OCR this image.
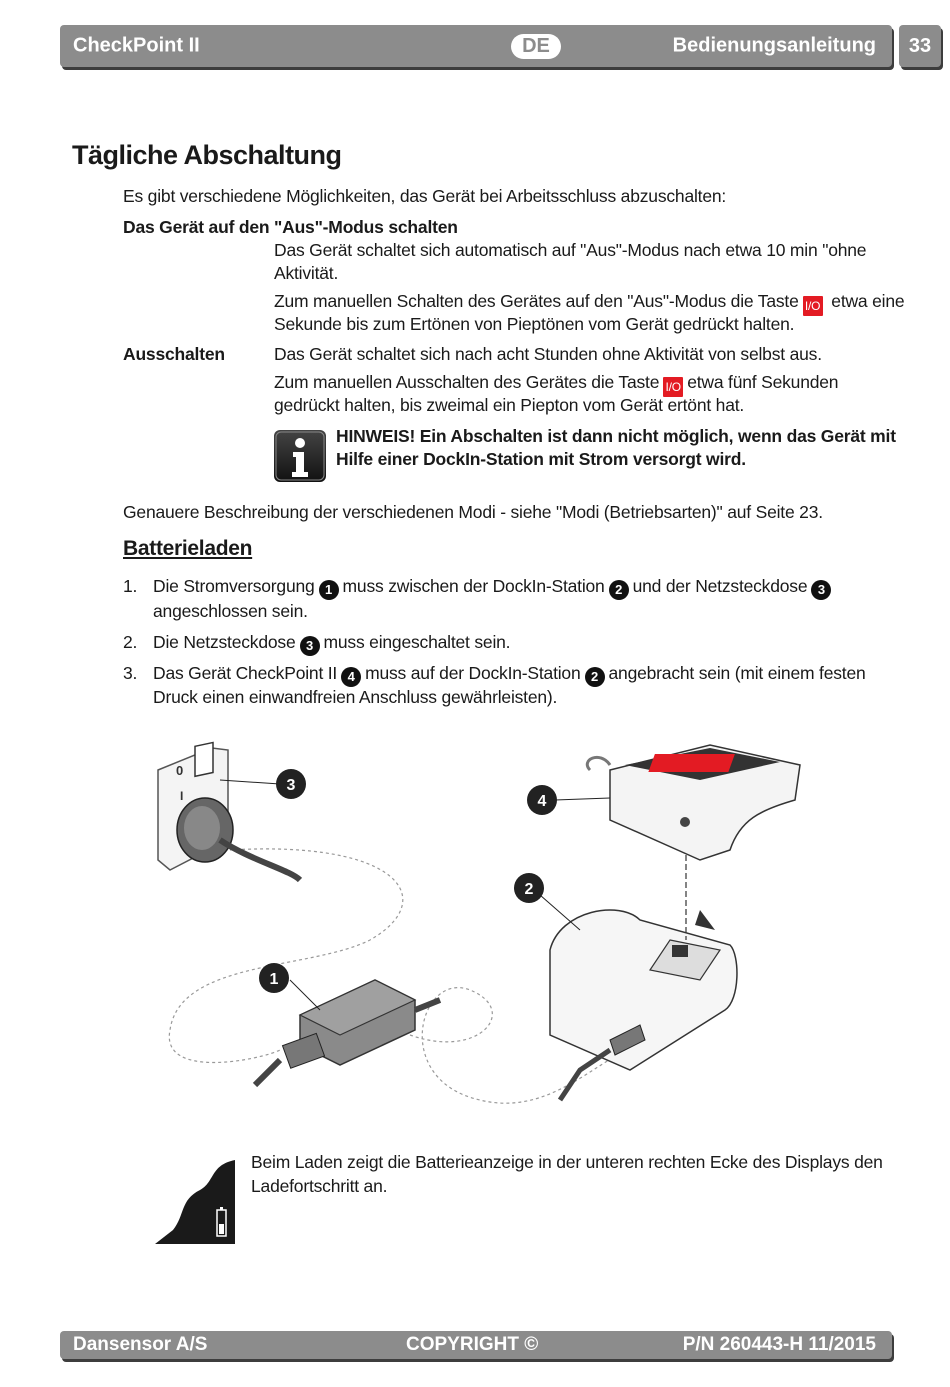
CheckPoint II	DE	Bedienungsanleitung	33
Tägliche Abschaltung
Es gibt verschiedene Möglichkeiten, das Gerät bei Arbeitsschluss abzuschalten:
Das Gerät auf den "Aus"-Modus schalten
Das Gerät schaltet sich automatisch auf "Aus"-Modus nach etwa 10 min "ohne
Aktivität.
Zum manuellen Schalten des Gerätes auf den "Aus"-Modus die Taste I/O etwa eine
Sekunde bis zum Ertönen von Pieptönen vom Gerät gedrückt halten.
Ausschalten	Das Gerät schaltet sich nach acht Stunden ohne Aktivität von selbst aus.
Zum manuellen Ausschalten des Gerätes die Taste I/O etwa fünf Sekunden
gedrückt halten, bis zweimal ein Piepton vom Gerät ertönt hat.
HINWEIS! Ein Abschalten ist dann nicht möglich, wenn das Gerät mit
Hilfe einer DockIn-Station mit Strom versorgt wird.
Genauere Beschreibung der verschiedenen Modi - siehe "Modi (Betriebsarten)" auf Seite 23.
Batterieladen
1. Die Stromversorgung 1 muss zwischen der DockIn-Station 2 und der Netzsteckdose 3
angeschlossen sein.
2. Die Netzsteckdose 3 muss eingeschaltet sein.
3. Das Gerät CheckPoint II 4 muss auf der DockIn-Station 2 angebracht sein (mit einem festen
Druck einen einwandfreien Anschluss gewährleisten).
0
I
3
1
2
4
Beim Laden zeigt die Batterieanzeige in der unteren rechten Ecke des Displays den
Ladefortschritt an.
Dansensor A/S	COPYRIGHT ©	P/N 260443-H 11/2015
